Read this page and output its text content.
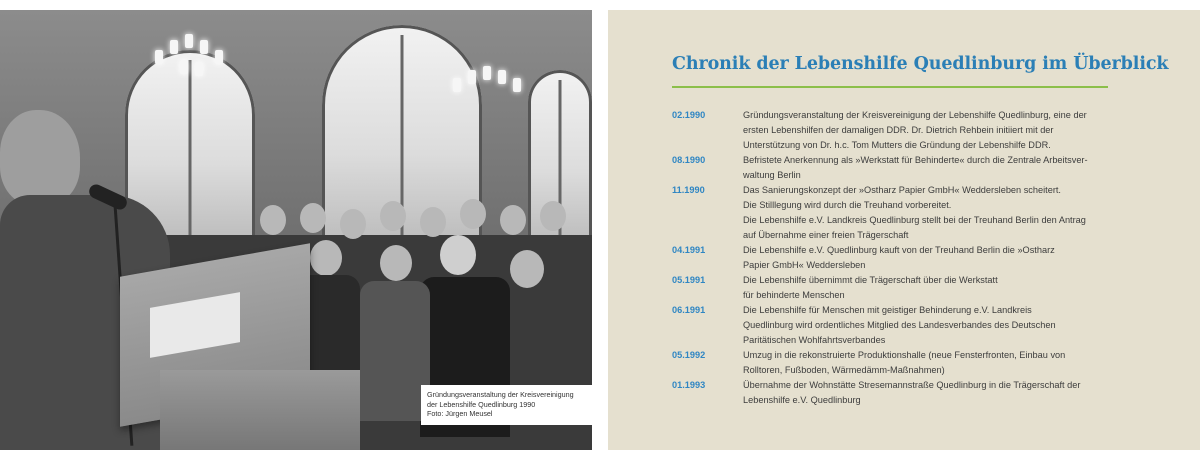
Gründungsveranstaltung der Kreisvereinigung
der Lebenshilfe Quedlinburg 1990
Foto: Jürgen Meusel
Chronik der Lebenshilfe Quedlinburg im Überblick
02.1990	Gründungsveranstaltung der Kreisvereinigung der Lebenshilfe Quedlinburg, eine der
ersten Lebenshilfen der damaligen DDR. Dr. Dietrich Rehbein initiiert mit der
Unterstützung von Dr. h.c. Tom Mutters die Gründung der Lebenshilfe DDR.
08.1990	Befristete Anerkennung als »Werkstatt für Behinderte« durch die Zentrale Arbeitsver-
waltung Berlin
11.1990	Das Sanierungskonzept der »Ostharz Papier GmbH« Weddersleben scheitert.
Die Stilllegung wird durch die Treuhand vorbereitet.
Die Lebenshilfe e.V. Landkreis Quedlinburg stellt bei der Treuhand Berlin den Antrag
auf Übernahme einer freien Trägerschaft
04.1991	Die Lebenshilfe e.V. Quedlinburg kauft von der Treuhand Berlin die »Ostharz
Papier GmbH« Weddersleben
05.1991	Die Lebenshilfe übernimmt die Trägerschaft über die Werkstatt
für behinderte Menschen
06.1991	Die Lebenshilfe für Menschen mit geistiger Behinderung e.V. Landkreis
Quedlinburg wird ordentliches Mitglied des Landesverbandes des Deutschen
Paritätischen Wohlfahrtsverbandes
05.1992	Umzug in die rekonstruierte Produktionshalle (neue Fensterfronten, Einbau von
Rolltoren, Fußboden, Wärmedämm-Maßnahmen)
01.1993	Übernahme der Wohnstätte Stresemannstraße Quedlinburg in die Trägerschaft der
Lebenshilfe e.V. Quedlinburg
